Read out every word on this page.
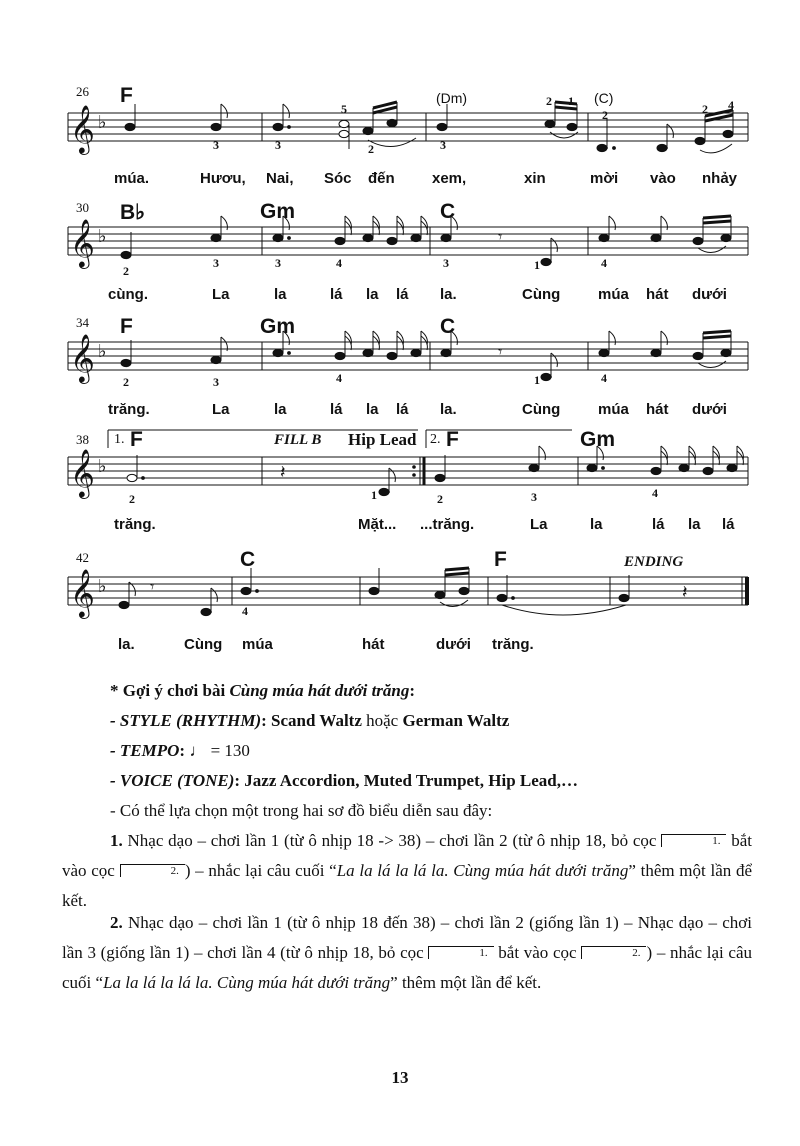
26 F	(Dm)	(C)
𝄞 ♭
3
5
3	2	3
2 1
2	2 4
múa.	Hươu, Nai, Sóc đến xem,	xin	mời vào nhảy
30 B♭	Gm	C
𝄞 ♭	𝄾
2
3	3	4	3	1	4
cùng.	La	la	lá la lá la.	Cùng	múa hát dưới
34 F	Gm	C
𝄞 ♭	𝄾
2	3	4	1	4
trăng.	La	la	lá la lá la.	Cùng	múa hát dưới
38
𝄞 ♭	𝄽
1. F	FILL B Hip Lead 2. F	Gm
2	1	2	3	4
trăng.	Mặt... ...trăng.	La	la	lá la lá
42	C	F	ENDING
𝄞 ♭	𝄾	𝄽
4
la.	Cùng múa	hát	dưới trăng.

* Gợi ý chơi bài Cùng múa hát dưới trăng:

- STYLE (RHYTHM): Scand Waltz hoặc German Waltz

- TEMPO: ♩ = 130

- VOICE (TONE): Jazz Accordion, Muted Trumpet, Hip Lead,…

- Có thể lựa chọn một trong hai sơ đồ biểu diễn sau đây:

1. Nhạc dạo – chơi lần 1 (từ ô nhịp 18 -> 38) – chơi lần 2 (từ ô nhịp 18, bỏ cọc	1. bắt vào cọc	2. ) – nhắc lại câu cuối “La la lá la lá la. Cùng múa hát dưới trăng” thêm một lần để kết.

2. Nhạc dạo – chơi lần 1 (từ ô nhịp 18 đến 38) – chơi lần 2 (giống lần 1) – Nhạc dạo – chơi lần 3 (giống lần 1) – chơi lần 4 (từ ô nhịp 18, bỏ cọc	1. bắt vào cọc	2. ) – nhắc lại câu cuối “La la lá la lá la. Cùng múa hát dưới trăng” thêm một lần để kết.

13
